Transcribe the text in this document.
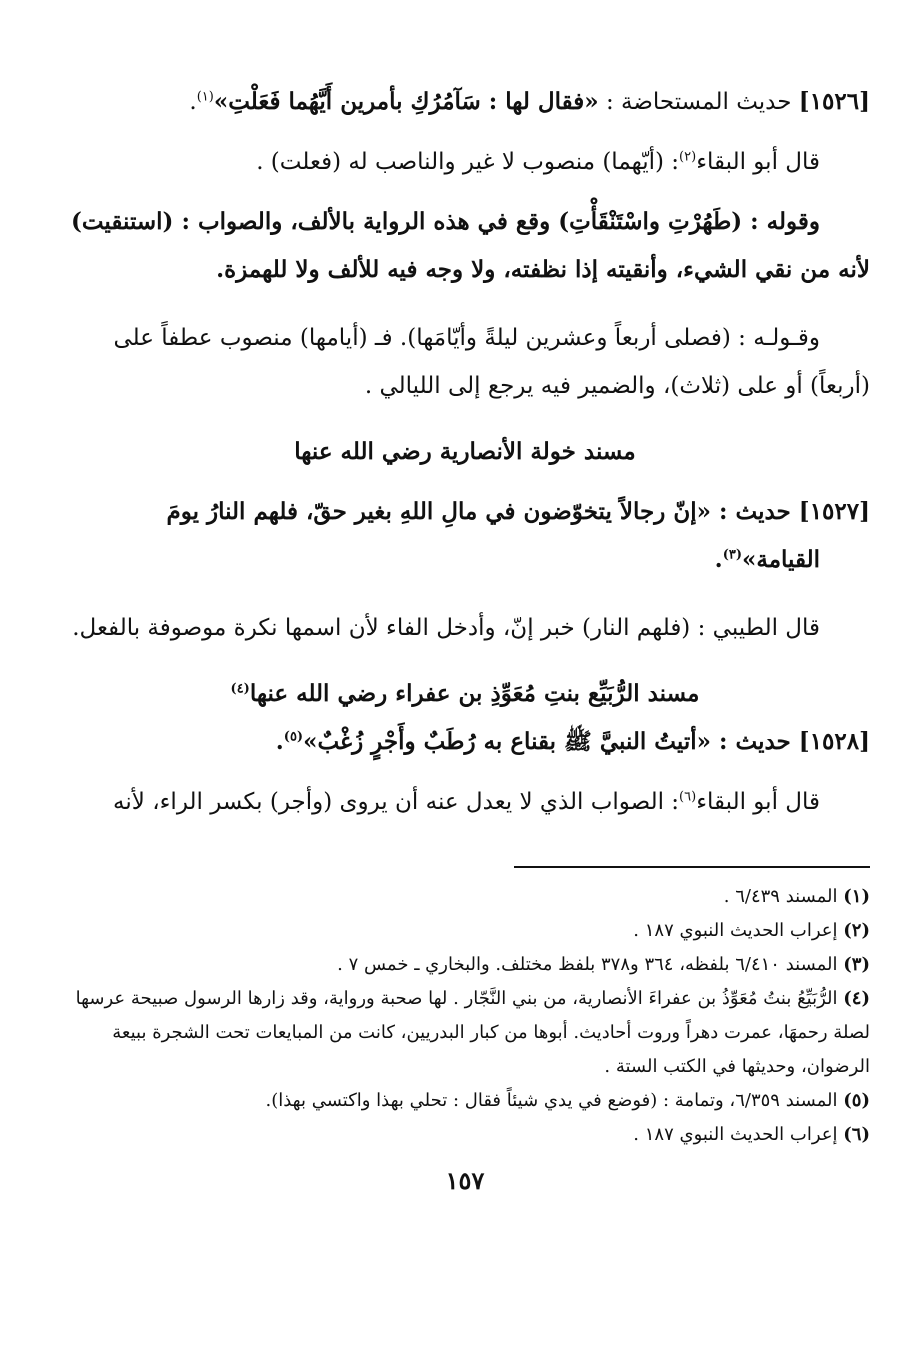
[١٥٢٦] حديث المستحاضة : «فقال لها : سَآمُرُكِ بأمرين أَيَّهُما فَعَلْتِ»$^{(١)}$.

قال أبو البقاء$^{(٢)}$: (أيّهما) منصوب لا غير والناصب له (فعلت) .

وقوله : (طَهُرْتِ واسْتَنْقَأْتِ) وقع في هذه الرواية بالألف، والصواب : (استنقيت)

لأنه من نقي الشيء، وأنقيته إذا نظفته، ولا وجه فيه للألف ولا للهمزة.

وقـولـه : (فصلى أربعاً وعشرين ليلةً وأيّامَها). فـ (أيامها) منصوب عطفاً على

(أربعاً) أو على (ثلاث)، والضمير فيه يرجع إلى الليالي .

مسند خولة الأنصارية رضي الله عنها

[١٥٢٧] حديث : «إنّ رجالاً يتخوّضون في مالِ اللهِ بغير حقّ، فلهم النارُ يومَ

القيامة»$^{(٣)}$.

قال الطيبي : (فلهم النار) خبر إنّ، وأدخل الفاء لأن اسمها نكرة موصوفة بالفعل.

مسند الرُّبَيِّع بنتِ مُعَوِّذِ بن عفراء رضي الله عنها$^{(٤)}$

[١٥٢٨] حديث : «أتيتُ النبيَّ ﷺ بقناع به رُطَبٌ وأَجْرٍ زُغْبٌ»$^{(٥)}$.

قال أبو البقاء$^{(٦)}$: الصواب الذي لا يعدل عنه أن يروى (وأجر) بكسر الراء، لأنه

(١) المسند ٦/٤٣٩ .

(٢) إعراب الحديث النبوي ١٨٧ .

(٣) المسند ٦/٤١٠ بلفظه، ٣٦٤ و٣٧٨ بلفظ مختلف. والبخاري ـ خمس ٧ .

(٤) الرُّبَيِّعُ بنتُ مُعَوِّذُ بن عفراءَ الأنصارية، من بني النَّجّار . لها صحبة ورواية، وقد زارها الرسول صبيحة عرسها لصلة رحمهَا، عمرت دهراً وروت أحاديث. أبوها من كبار البدريين، كانت من المبايعات تحت الشجرة ببيعة الرضوان، وحديثها في الكتب الستة .

(٥) المسند ٦/٣٥٩، وتمامة : (فوضع في يدي شيئاً فقال : تحلي بهذا واكتسي بهذا).

(٦) إعراب الحديث النبوي ١٨٧ .

١٥٧
